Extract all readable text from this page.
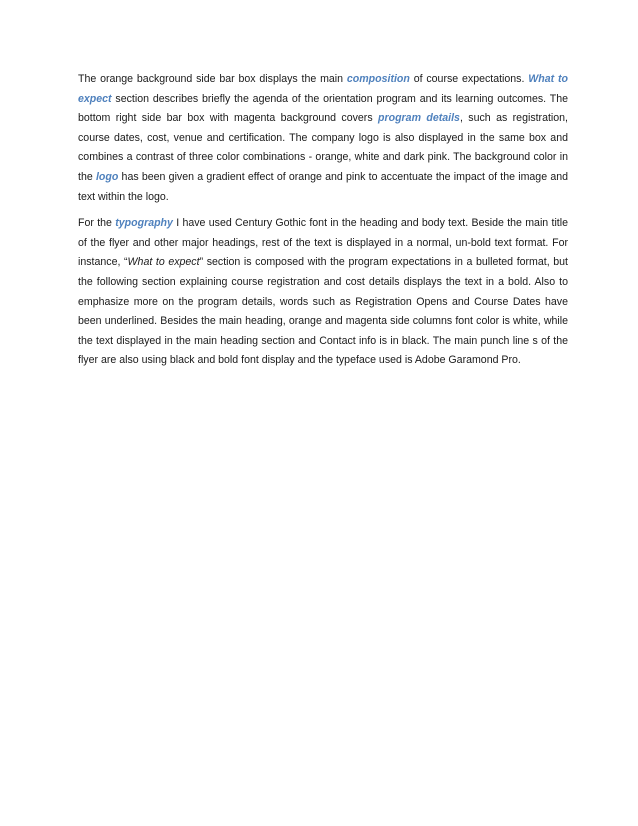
The orange background side bar box displays the main composition of course expectations. What to expect section describes briefly the agenda of the orientation program and its learning outcomes. The bottom right side bar box with magenta background covers program details, such as registration, course dates, cost, venue and certification. The company logo is also displayed in the same box and combines a contrast of three color combinations - orange, white and dark pink. The background color in the logo has been given a gradient effect of orange and pink to accentuate the impact of the image and text within the logo.

For the typography I have used Century Gothic font in the heading and body text. Beside the main title of the flyer and other major headings, rest of the text is displayed in a normal, un-bold text format. For instance, “What to expect” section is composed with the program expectations in a bulleted format, but the following section explaining course registration and cost details displays the text in a bold. Also to emphasize more on the program details, words such as Registration Opens and Course Dates have been underlined. Besides the main heading, orange and magenta side columns font color is white, while the text displayed in the main heading section and Contact info is in black. The main punch line s of the flyer are also using black and bold font display and the typeface used is Adobe Garamond Pro.
